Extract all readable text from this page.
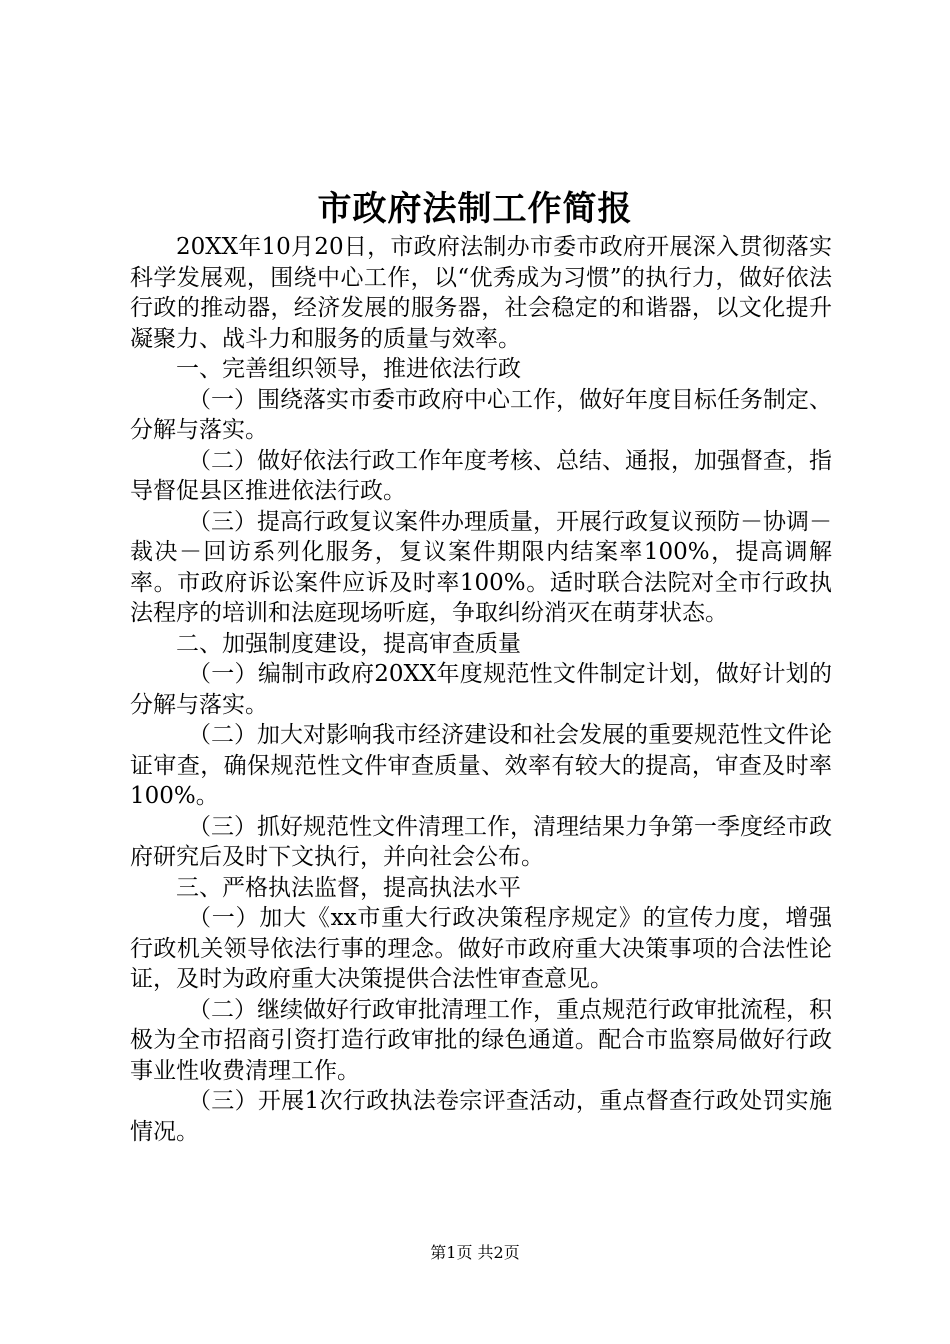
市政府法制工作简报

20XX年10月20日，市政府法制办市委市政府开展深入贯彻落实科学发展观，围绕中心工作，以“优秀成为习惯”的执行力，做好依法行政的推动器，经济发展的服务器，社会稳定的和谐器，以文化提升凝聚力、战斗力和服务的质量与效率。

一、完善组织领导，推进依法行政

（一）围绕落实市委市政府中心工作，做好年度目标任务制定、分解与落实。

（二）做好依法行政工作年度考核、总结、通报，加强督查，指导督促县区推进依法行政。

（三）提高行政复议案件办理质量，开展行政复议预防－协调－裁决－回访系列化服务，复议案件期限内结案率100%，提高调解率。市政府诉讼案件应诉及时率100%。适时联合法院对全市行政执法程序的培训和法庭现场听庭，争取纠纷消灭在萌芽状态。

二、加强制度建设，提高审查质量

（一）编制市政府20XX年度规范性文件制定计划，做好计划的分解与落实。

（二）加大对影响我市经济建设和社会发展的重要规范性文件论证审查，确保规范性文件审查质量、效率有较大的提高，审查及时率100%。

（三）抓好规范性文件清理工作，清理结果力争第一季度经市政府研究后及时下文执行，并向社会公布。

三、严格执法监督，提高执法水平

（一）加大《xx市重大行政决策程序规定》的宣传力度，增强行政机关领导依法行事的理念。做好市政府重大决策事项的合法性论证，及时为政府重大决策提供合法性审查意见。

（二）继续做好行政审批清理工作，重点规范行政审批流程，积极为全市招商引资打造行政审批的绿色通道。配合市监察局做好行政事业性收费清理工作。

（三）开展1次行政执法卷宗评查活动，重点督查行政处罚实施情况。

第1页 共2页
